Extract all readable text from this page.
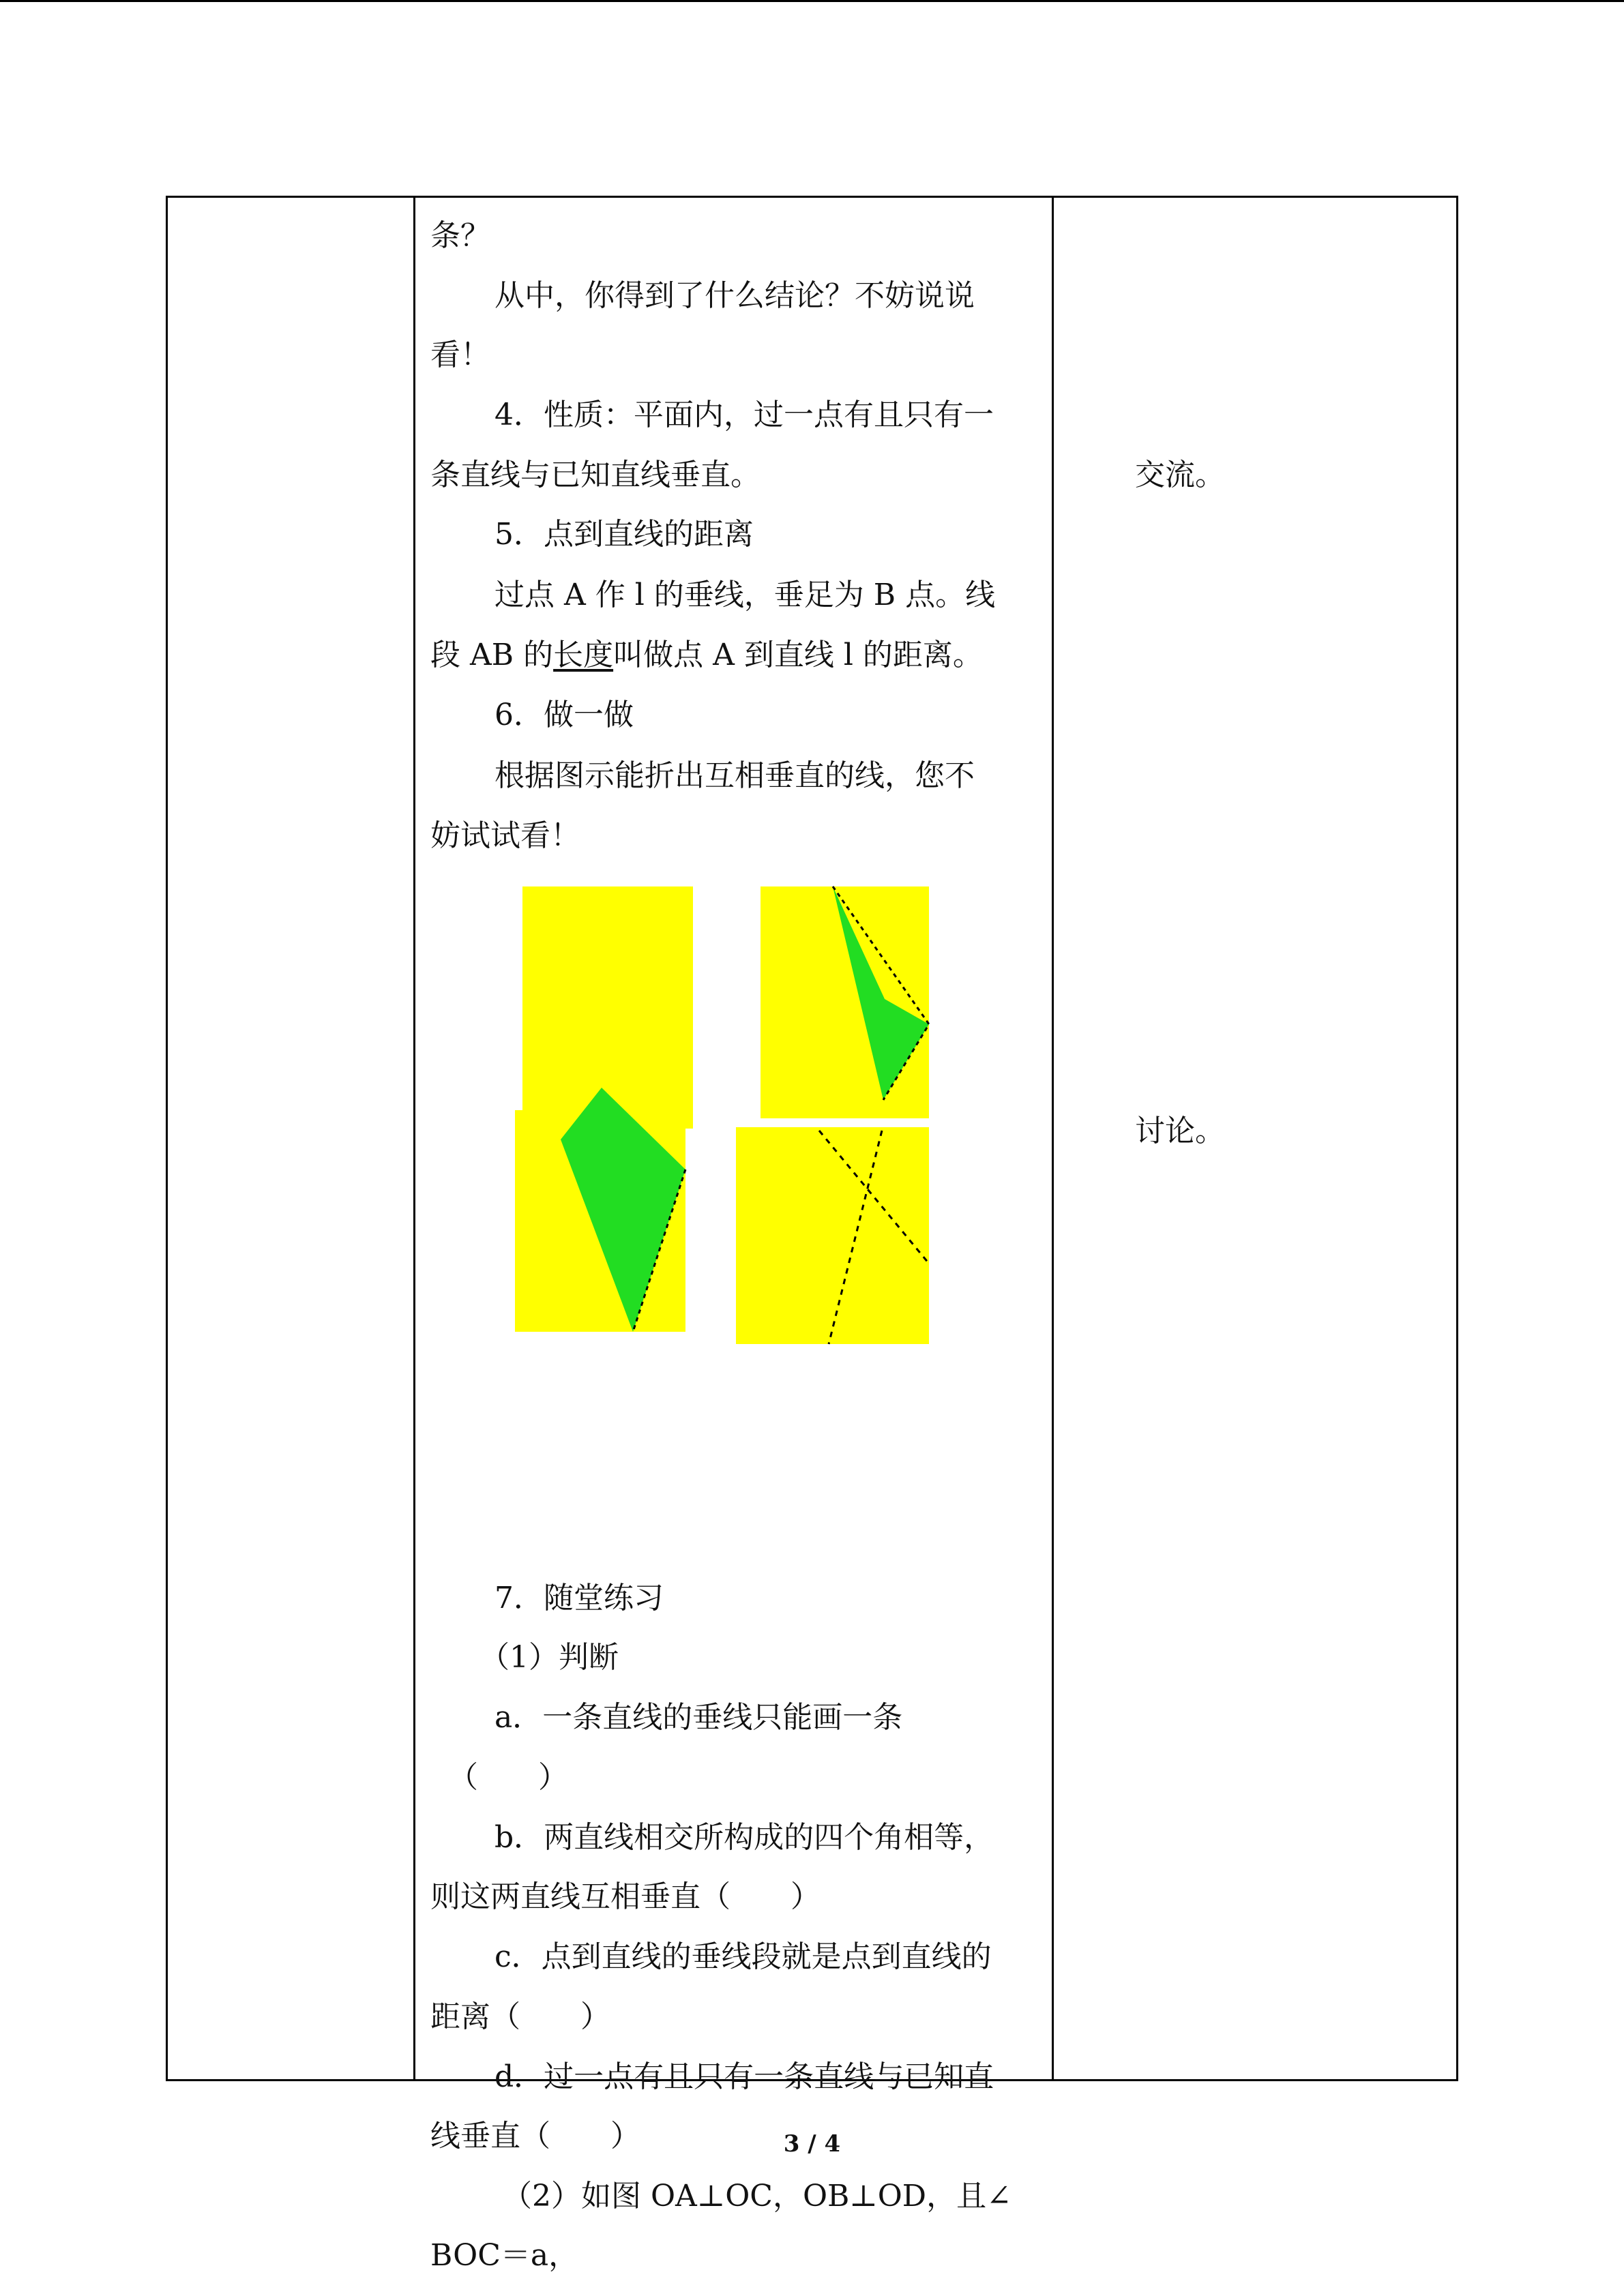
条？
从中，你得到了什么结论？不妨说说
看！
4．性质：平面内，过一点有且只有一
条直线与已知直线垂直。
5．点到直线的距离
过点 A 作 l 的垂线，垂足为 B 点。线
段 AB 的长度叫做点 A 到直线 l 的距离。
6．做一做
根据图示能折出互相垂直的线，您不
妨试试看！
7．随堂练习
（1）判断
a．一条直线的垂线只能画一条
（　　）
b．两直线相交所构成的四个角相等，
则这两直线互相垂直（　　）
c．点到直线的垂线段就是点到直线的
距离（　　）
d．过一点有且只有一条直线与已知直
线垂直（　　）
（2）如图 OA⊥OC，OB⊥OD，且∠
BOC＝a，
交流。
讨论。
3 / 4
